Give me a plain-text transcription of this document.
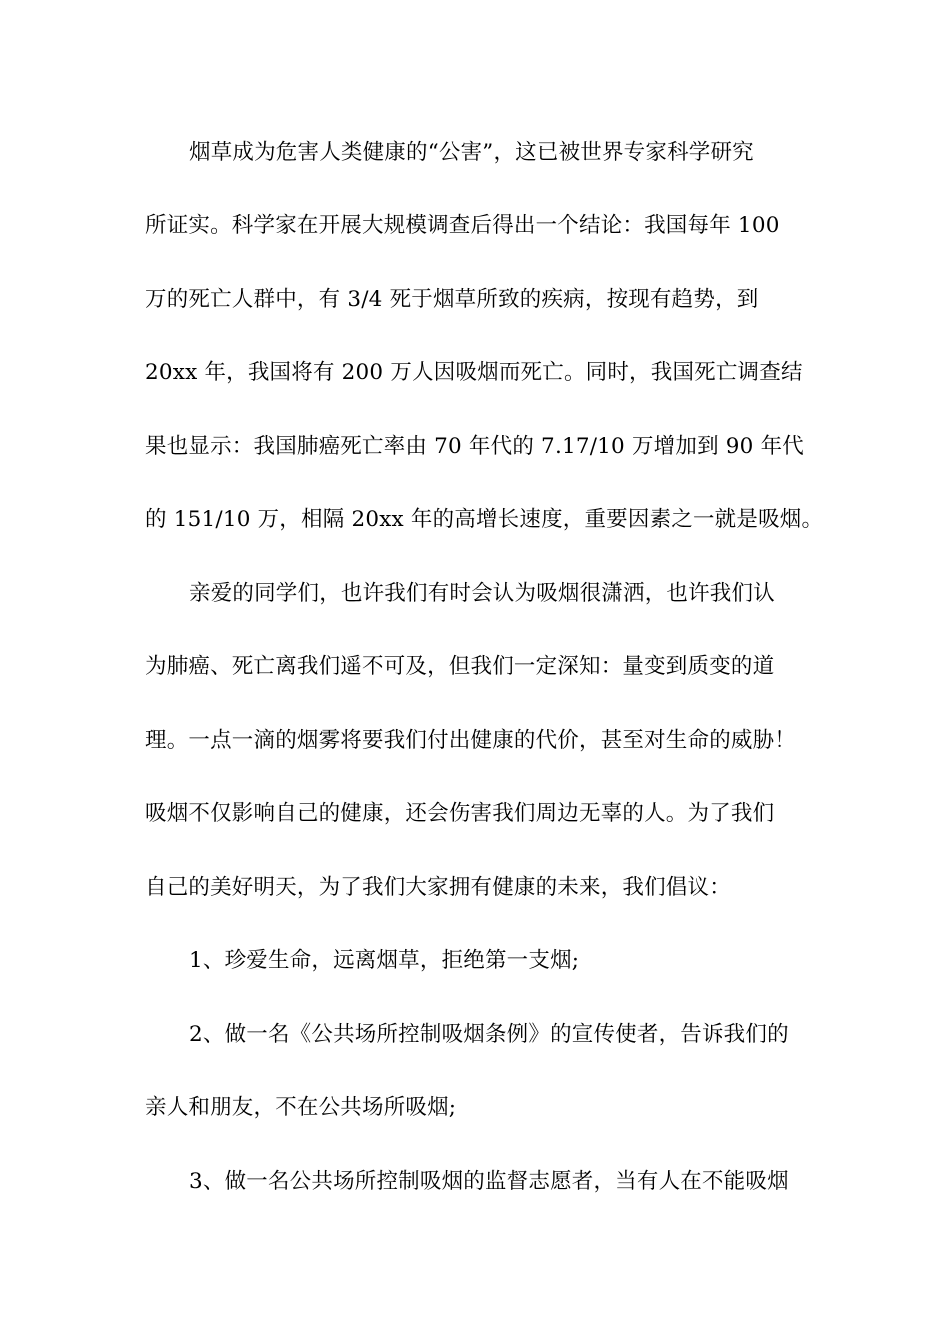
烟草成为危害人类健康的“公害”，这已被世界专家科学研究
所证实。科学家在开展大规模调查后得出一个结论：我国每年 100
万的死亡人群中，有 3/4 死于烟草所致的疾病，按现有趋势，到
20xx 年，我国将有 200 万人因吸烟而死亡。同时，我国死亡调查结
果也显示：我国肺癌死亡率由 70 年代的 7.17/10 万增加到 90 年代
的 151/10 万，相隔 20xx 年的高增长速度，重要因素之一就是吸烟。
亲爱的同学们，也许我们有时会认为吸烟很潇洒，也许我们认
为肺癌、死亡离我们遥不可及，但我们一定深知：量变到质变的道
理。一点一滴的烟雾将要我们付出健康的代价，甚至对生命的威胁！
吸烟不仅影响自己的健康，还会伤害我们周边无辜的人。为了我们
自己的美好明天，为了我们大家拥有健康的未来，我们倡议：
1、珍爱生命，远离烟草，拒绝第一支烟;
2、做一名《公共场所控制吸烟条例》的宣传使者，告诉我们的
亲人和朋友，不在公共场所吸烟;
3、做一名公共场所控制吸烟的监督志愿者，当有人在不能吸烟
